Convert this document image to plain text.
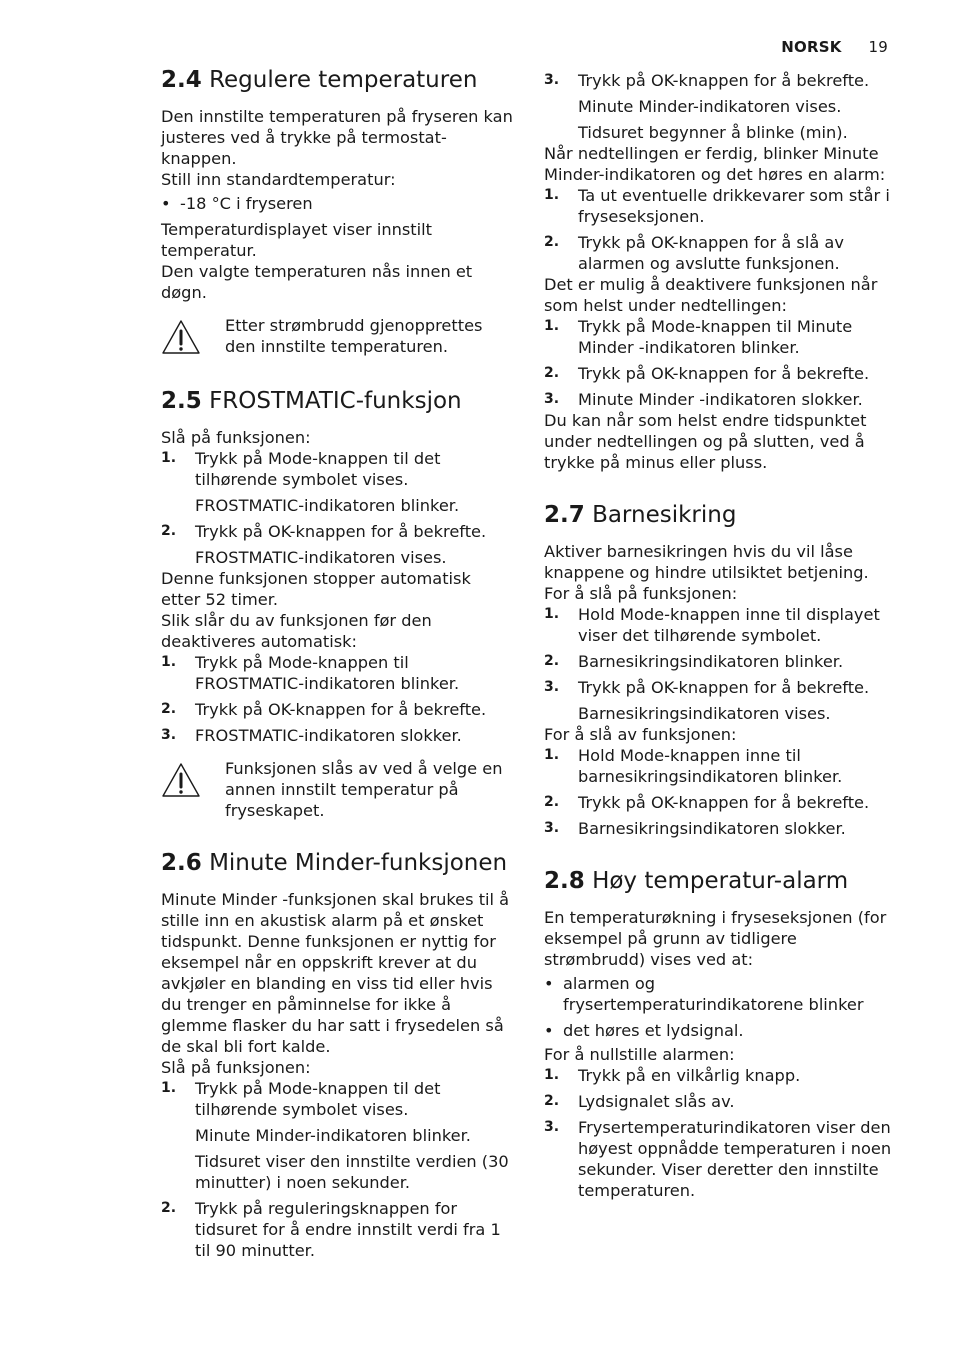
NORSK 19
2.4 Regulere temperaturen

Den innstilte temperaturen på fryseren kan justeres ved å trykke på termostat-knappen.

Still inn standardtemperatur:

• -18 °C i fryseren

Temperaturdisplayet viser innstilt temperatur.

Den valgte temperaturen nås innen et døgn.

Etter strømbrudd gjenopprettes den innstilte temperaturen.

2.5 FROSTMATIC-funksjon

Slå på funksjonen:

1. Trykk på Mode-knappen til det tilhørende symbolet vises.

FROSTMATIC-indikatoren blinker.

2. Trykk på OK-knappen for å bekrefte.

FROSTMATIC-indikatoren vises.

Denne funksjonen stopper automatisk etter 52 timer.

Slik slår du av funksjonen før den deaktiveres automatisk:

1. Trykk på Mode-knappen til FROSTMATIC-indikatoren blinker.
2. Trykk på OK-knappen for å bekrefte.
3. FROSTMATIC-indikatoren slokker.

Funksjonen slås av ved å velge en annen innstilt temperatur på fryseskapet.

2.6 Minute Minder-funksjonen

Minute Minder -funksjonen skal brukes til å stille inn en akustisk alarm på et ønsket tidspunkt. Denne funksjonen er nyttig for eksempel når en oppskrift krever at du avkjøler en blanding en viss tid eller hvis du trenger en påminnelse for ikke å glemme flasker du har satt i frysedelen så de skal bli fort kalde.

Slå på funksjonen:

1. Trykk på Mode-knappen til det tilhørende symbolet vises.

Minute Minder-indikatoren blinker.

Tidsuret viser den innstilte verdien (30 minutter) i noen sekunder.

2. Trykk på reguleringsknappen for tidsuret for å endre innstilt verdi fra 1 til 90 minutter.
3. Trykk på OK-knappen for å bekrefte.

Minute Minder-indikatoren vises.

Tidsuret begynner å blinke (min).

Når nedtellingen er ferdig, blinker Minute Minder-indikatoren og det høres en alarm:

1. Ta ut eventuelle drikkevarer som står i fryseseksjonen.
2. Trykk på OK-knappen for å slå av alarmen og avslutte funksjonen.

Det er mulig å deaktivere funksjonen når som helst under nedtellingen:

1. Trykk på Mode-knappen til Minute Minder -indikatoren blinker.
2. Trykk på OK-knappen for å bekrefte.
3. Minute Minder -indikatoren slokker.

Du kan når som helst endre tidspunktet under nedtellingen og på slutten, ved å trykke på minus eller pluss.

2.7 Barnesikring

Aktiver barnesikringen hvis du vil låse knappene og hindre utilsiktet betjening.

For å slå på funksjonen:

1. Hold Mode-knappen inne til displayet viser det tilhørende symbolet.
2. Barnesikringsindikatoren blinker.
3. Trykk på OK-knappen for å bekrefte.

Barnesikringsindikatoren vises.

For å slå av funksjonen:

1. Hold Mode-knappen inne til barnesikringsindikatoren blinker.
2. Trykk på OK-knappen for å bekrefte.
3. Barnesikringsindikatoren slokker.
2.8 Høy temperatur-alarm

En temperaturøkning i fryseseksjonen (for eksempel på grunn av tidligere strømbrudd) vises ved at:

• alarmen og frysertemperaturindikatorene blinker
• det høres et lydsignal.

For å nullstille alarmen:

1. Trykk på en vilkårlig knapp.
2. Lydsignalet slås av.
3. Frysertemperaturindikatoren viser den høyest oppnådde temperaturen i noen sekunder. Viser deretter den innstilte temperaturen.
